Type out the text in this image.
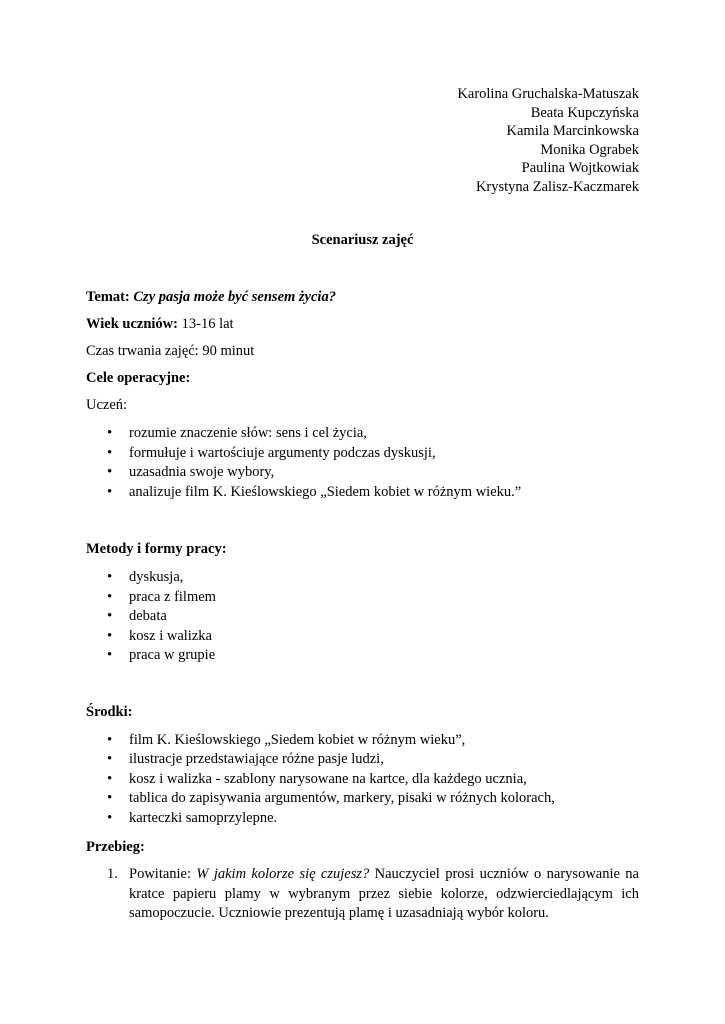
Karolina Gruchalska-Matuszak
Beata Kupczyńska
Kamila Marcinkowska
Monika Ograbek
Paulina Wojtkowiak
Krystyna Zalisz-Kaczmarek
Scenariusz zajęć
Temat: Czy pasja może być sensem życia?
Wiek uczniów: 13-16 lat
Czas trwania zajęć: 90 minut
Cele operacyjne:
Uczeń:
• rozumie znaczenie słów: sens i cel życia,
• formułuje i wartościuje argumenty podczas dyskusji,
• uzasadnia swoje wybory,
• analizuje film K. Kieślowskiego „Siedem kobiet w różnym wieku.”
Metody i formy pracy:
• dyskusja,
• praca z filmem
• debata
• kosz i walizka
• praca w grupie
Środki:
• film K. Kieślowskiego „Siedem kobiet w różnym wieku”,
• ilustracje przedstawiające różne pasje ludzi,
• kosz i walizka - szablony narysowane na kartce, dla każdego ucznia,
• tablica do zapisywania argumentów, markery, pisaki w różnych kolorach,
• karteczki samoprzylepne.
Przebieg:
1. Powitanie: W jakim kolorze się czujesz? Nauczyciel prosi uczniów o narysowanie na kratce papieru plamy w wybranym przez siebie kolorze, odzwierciedlającym ich samopoczucie. Uczniowie prezentują plamę i uzasadniają wybór koloru.
